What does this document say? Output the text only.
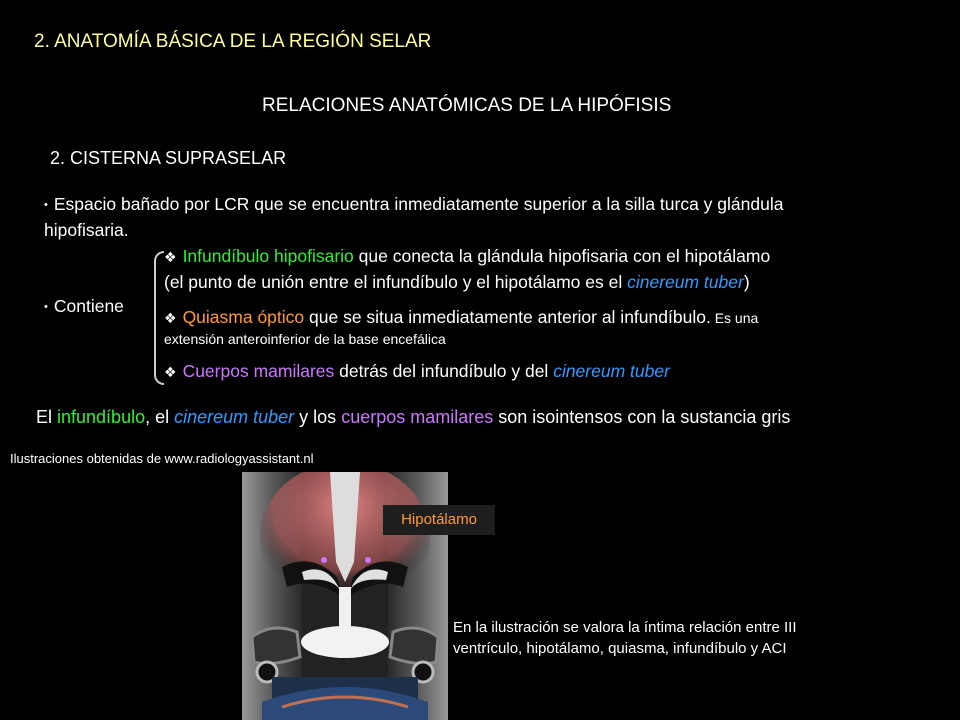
2. ANATOMÍA BÁSICA DE LA REGIÓN SELAR
RELACIONES ANATÓMICAS DE LA HIPÓFISIS
2. CISTERNA SUPRASELAR
• Espacio bañado por LCR que se encuentra inmediatamente superior a la silla turca y glándula
hipofisaria.
• Contiene
❖ Infundíbulo hipofisario que conecta la glándula hipofisaria con el hipotálamo
(el punto de unión entre el infundíbulo y el hipotálamo es el cinereum tuber)
❖ Quiasma óptico que se situa inmediatamente anterior al infundíbulo. Es una
extensión anteroinferior de la base encefálica
❖ Cuerpos mamilares detrás del infundíbulo y del cinereum tuber
El infundíbulo, el cinereum tuber y los cuerpos mamilares son isointensos con la sustancia gris
Ilustraciones obtenidas de www.radiologyassistant.nl
Hipotálamo
En la ilustración se valora la íntima relación entre III
ventrículo, hipotálamo, quiasma, infundíbulo y ACI
